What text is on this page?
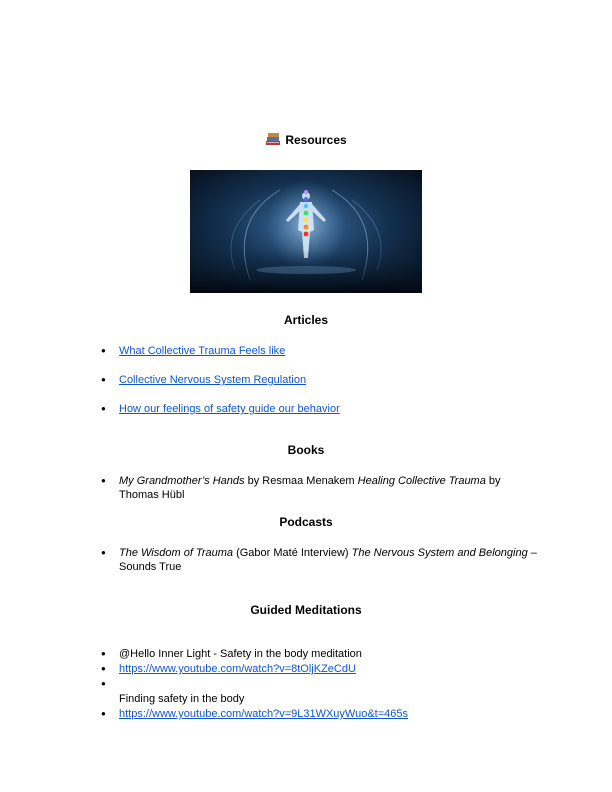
Resources
Articles
● What Collective Trauma Feels like
● Collective Nervous System Regulation
● How our feelings of safety guide our behavior
Books
● My Grandmother’s Hands by Resmaa Menakem Healing Collective Trauma by Thomas Hübl
Podcasts
● The Wisdom of Trauma (Gabor Maté Interview) The Nervous System and Belonging – Sounds True
Guided Meditations
● @Hello Inner Light - Safety in the body meditation
● https://www.youtube.com/watch?v=8tOljKZeCdU
●
Finding safety in the body
● https://www.youtube.com/watch?v=9L31WXuyWuo&t=465s
